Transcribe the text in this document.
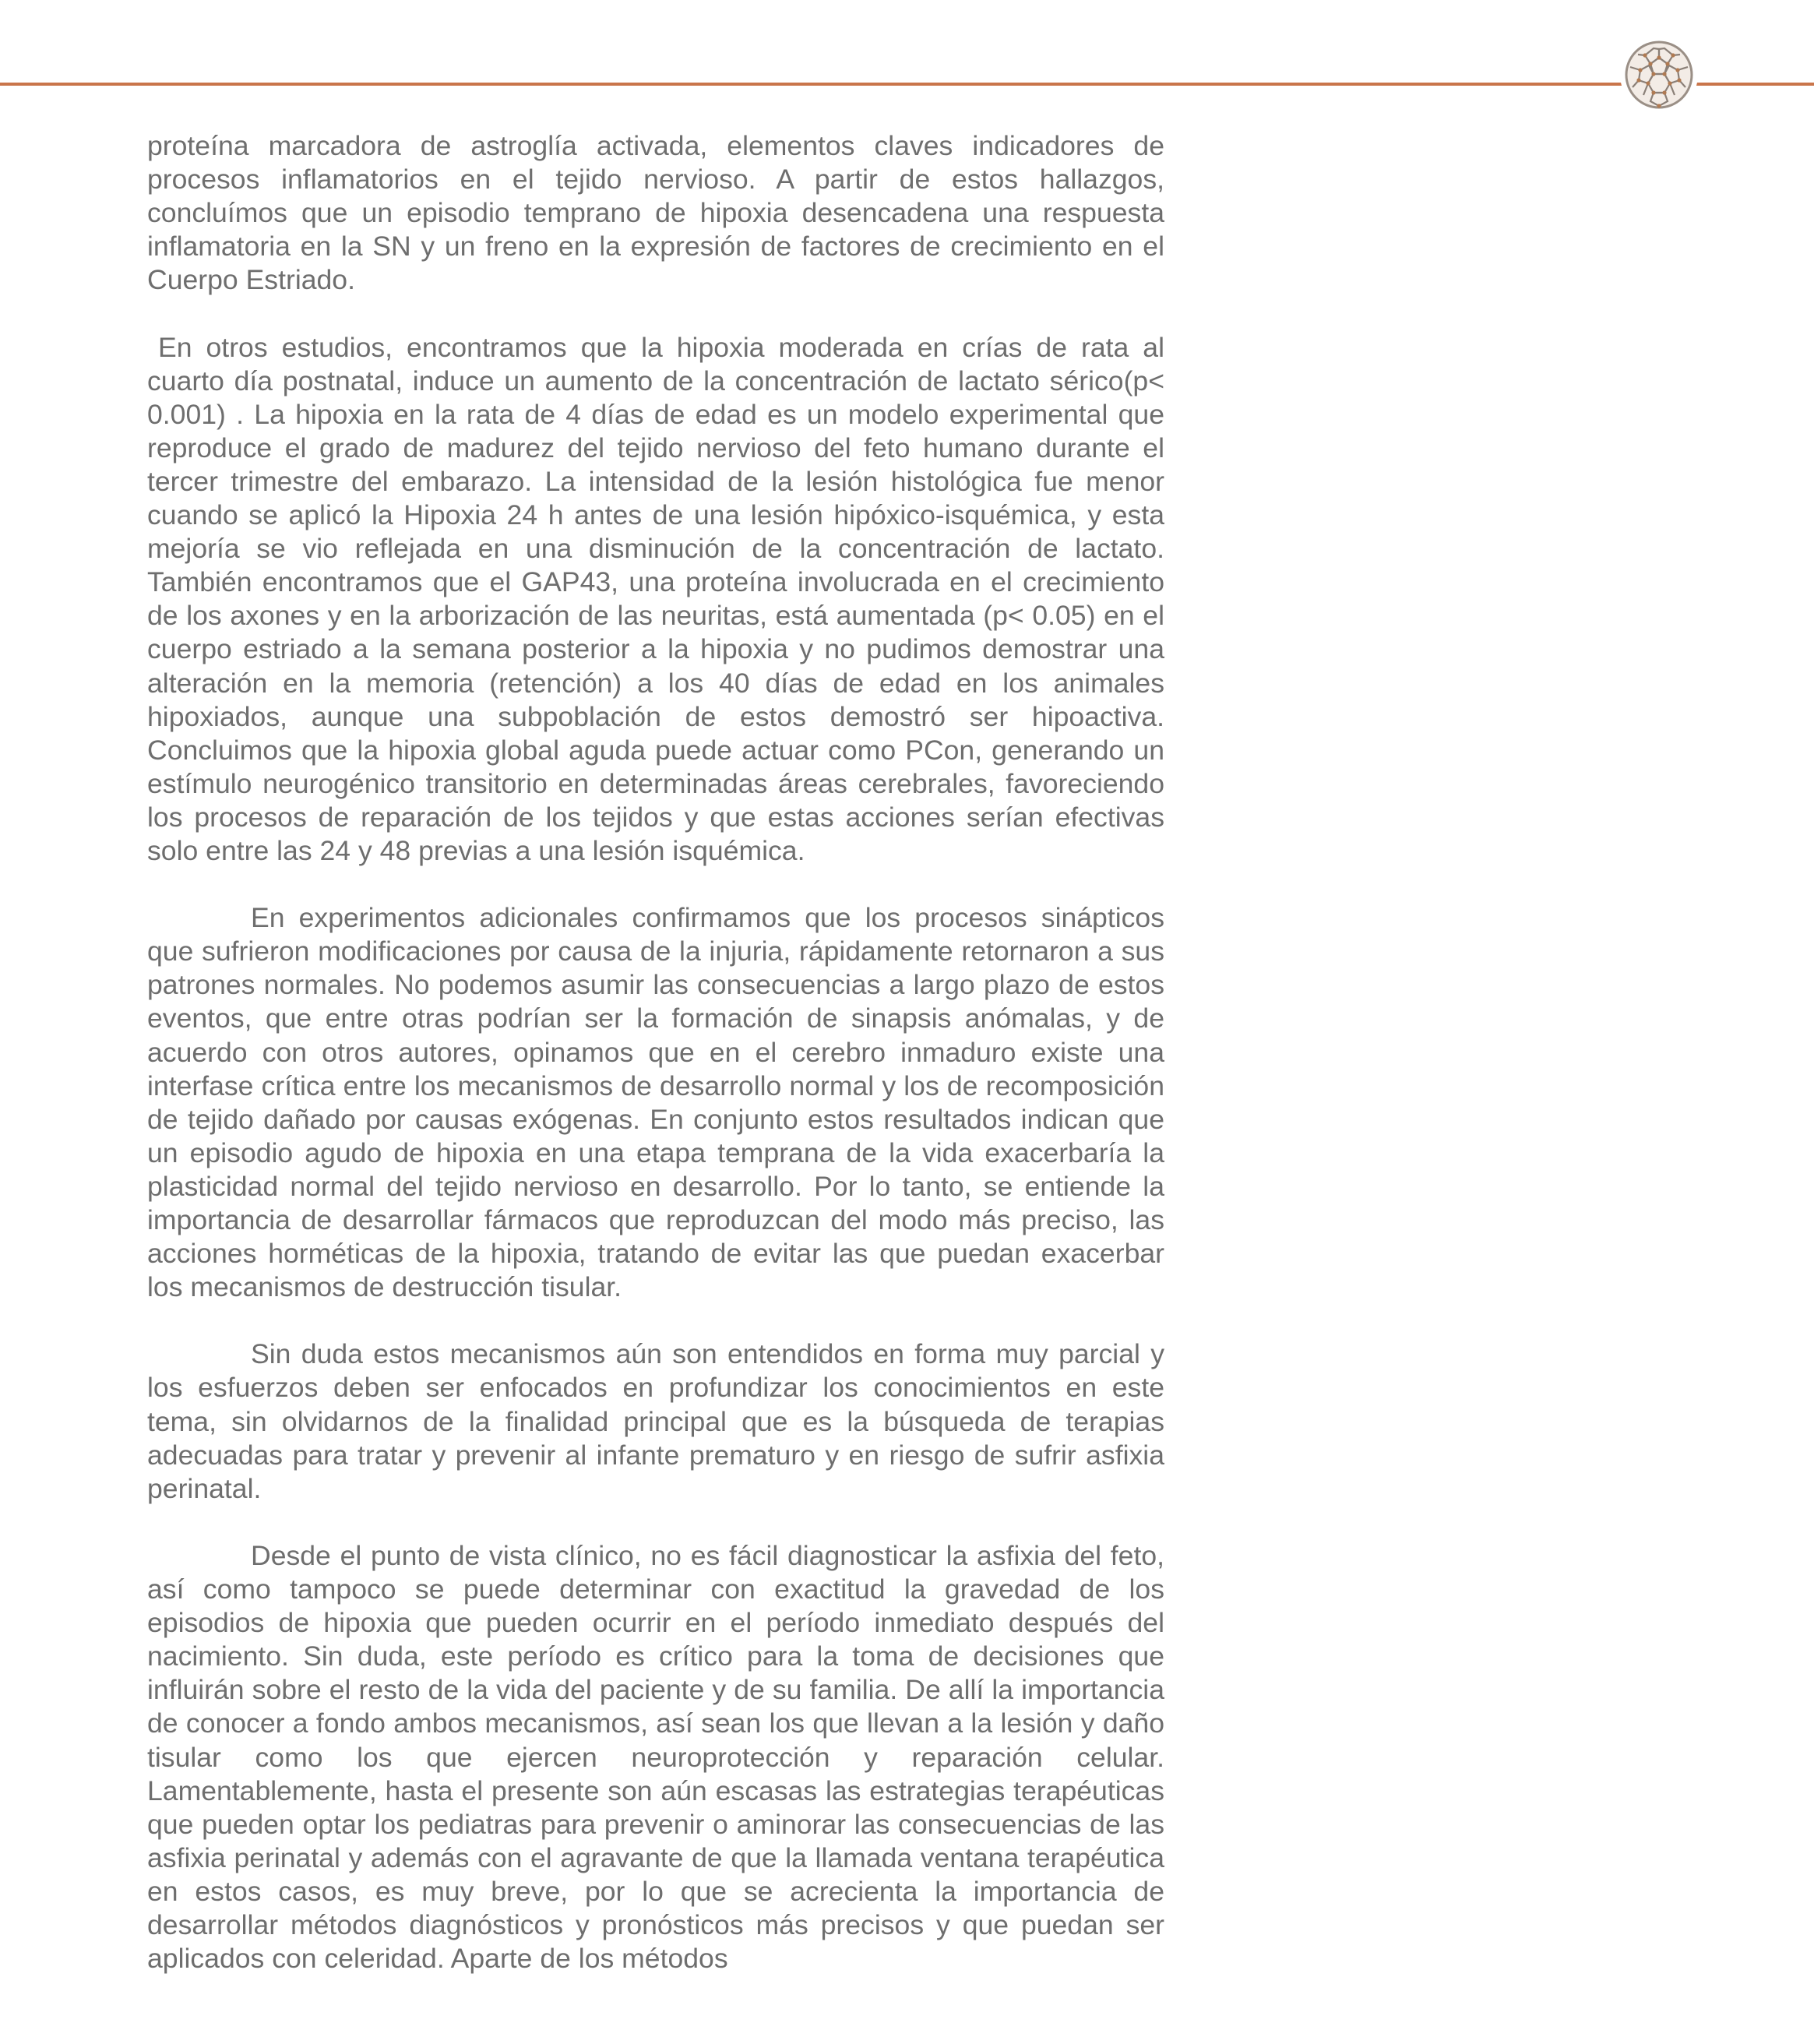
proteína marcadora de astroglía activada, elementos claves indicadores de procesos inflamatorios en el tejido nervioso. A partir de estos hallazgos, concluímos que un episodio temprano de hipoxia desencadena una respuesta inflamatoria en la SN y un freno en la expresión de factores de crecimiento en el Cuerpo Estriado.

En otros estudios, encontramos que la hipoxia moderada en crías de rata al cuarto día postnatal, induce un aumento de la concentración de lactato sérico(p< 0.001) . La hipoxia en la rata de 4 días de edad es un modelo experimental que reproduce el grado de madurez del tejido nervioso del feto humano durante el tercer trimestre del embarazo. La intensidad de la lesión histológica fue menor cuando se aplicó la Hipoxia 24 h antes de una lesión hipóxico-isquémica, y esta mejoría se vio reflejada en una disminución de la concentración de lactato. También encontramos que el GAP43, una proteína involucrada en el crecimiento de los axones y en la arborización de las neuritas, está aumentada (p< 0.05) en el cuerpo estriado a la semana posterior a la hipoxia y no pudimos demostrar una alteración en la memoria (retención) a los 40 días de edad en los animales hipoxiados, aunque una subpoblación de estos demostró ser hipoactiva. Concluimos que la hipoxia global aguda puede actuar como PCon, generando un estímulo neurogénico transitorio en determinadas áreas cerebrales, favoreciendo los procesos de reparación de los tejidos y que estas acciones serían efectivas solo entre las 24 y 48 previas a una lesión isquémica.

En experimentos adicionales confirmamos que los procesos sinápticos que sufrieron modificaciones por causa de la injuria, rápidamente retornaron a sus patrones normales. No podemos asumir las consecuencias a largo plazo de estos eventos, que entre otras podrían ser la formación de sinapsis anómalas, y de acuerdo con otros autores, opinamos que en el cerebro inmaduro existe una interfase crítica entre los mecanismos de desarrollo normal y los de recomposición de tejido dañado por causas exógenas. En conjunto estos resultados indican que un episodio agudo de hipoxia en una etapa temprana de la vida exacerbaría la plasticidad normal del tejido nervioso en desarrollo. Por lo tanto, se entiende la importancia de desarrollar fármacos que reproduzcan del modo más preciso, las acciones horméticas de la hipoxia, tratando de evitar las que puedan exacerbar los mecanismos de destrucción tisular.

Sin duda estos mecanismos aún son entendidos en forma muy parcial y los esfuerzos deben ser enfocados en profundizar los conocimientos en este tema, sin olvidarnos de la finalidad principal que es la búsqueda de terapias adecuadas para tratar y prevenir al infante prematuro y en riesgo de sufrir asfixia perinatal.

Desde el punto de vista clínico, no es fácil diagnosticar la asfixia del feto, así como tampoco se puede determinar con exactitud la gravedad de los episodios de hipoxia que pueden ocurrir en el período inmediato después del nacimiento. Sin duda, este período es crítico para la toma de decisiones que influirán sobre el resto de la vida del paciente y de su familia. De allí la importancia de conocer a fondo ambos mecanismos, así sean los que llevan a la lesión y daño tisular como los que ejercen neuroprotección y reparación celular. Lamentablemente, hasta el presente son aún escasas las estrategias terapéuticas que pueden optar los pediatras para prevenir o aminorar las consecuencias de las asfixia perinatal y además con el agravante de que la llamada ventana terapéutica en estos casos, es muy breve, por lo que se acrecienta la importancia de desarrollar métodos diagnósticos y pronósticos más precisos y que puedan ser aplicados con celeridad. Aparte de los métodos
